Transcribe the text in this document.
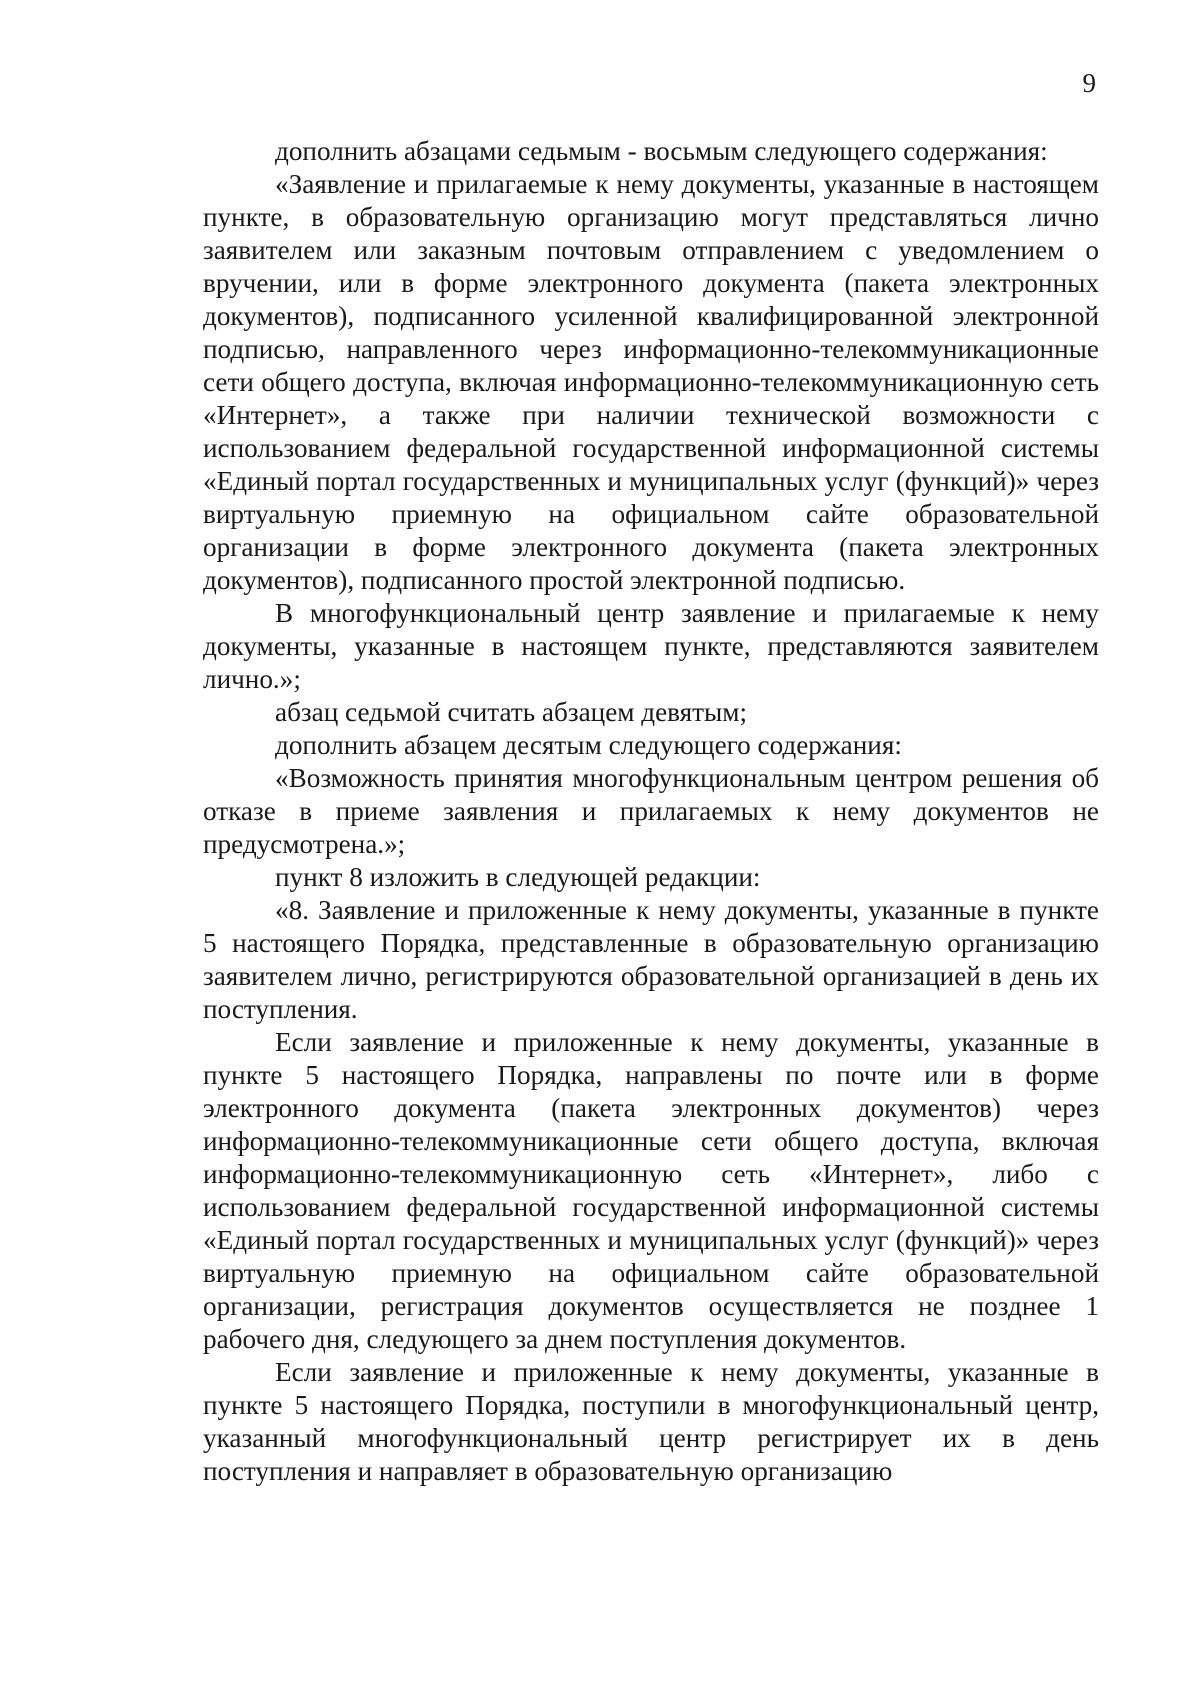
9

дополнить абзацами седьмым - восьмым следующего содержания:

«Заявление и прилагаемые к нему документы, указанные в настоящем пункте, в образовательную организацию могут представляться лично заявителем или заказным почтовым отправлением с уведомлением о вручении, или в форме электронного документа (пакета электронных документов), подписанного усиленной квалифицированной электронной подписью, направленного через информационно-телекоммуникационные сети общего доступа, включая информационно-телекоммуникационную сеть «Интернет», а также при наличии технической возможности с использованием федеральной государственной информационной системы «Единый портал государственных и муниципальных услуг (функций)» через виртуальную приемную на официальном сайте образовательной организации в форме электронного документа (пакета электронных документов), подписанного простой электронной подписью.

В многофункциональный центр заявление и прилагаемые к нему документы, указанные в настоящем пункте, представляются заявителем лично.»;

абзац седьмой считать абзацем девятым;

дополнить абзацем десятым следующего содержания:

«Возможность принятия многофункциональным центром решения об отказе в приеме заявления и прилагаемых к нему документов не предусмотрена.»;

пункт 8 изложить в следующей редакции:

«8. Заявление и приложенные к нему документы, указанные в пункте 5 настоящего Порядка, представленные в образовательную организацию заявителем лично, регистрируются образовательной организацией в день их поступления.

Если заявление и приложенные к нему документы, указанные в пункте 5 настоящего Порядка, направлены по почте или в форме электронного документа (пакета электронных документов) через информационно-телекоммуникационные сети общего доступа, включая информационно-телекоммуникационную сеть «Интернет», либо с использованием федеральной государственной информационной системы «Единый портал государственных и муниципальных услуг (функций)» через виртуальную приемную на официальном сайте образовательной организации, регистрация документов осуществляется не позднее 1 рабочего дня, следующего за днем поступления документов.

Если заявление и приложенные к нему документы, указанные в пункте 5 настоящего Порядка, поступили в многофункциональный центр, указанный многофункциональный центр регистрирует их в день поступления и направляет в образовательную организацию
